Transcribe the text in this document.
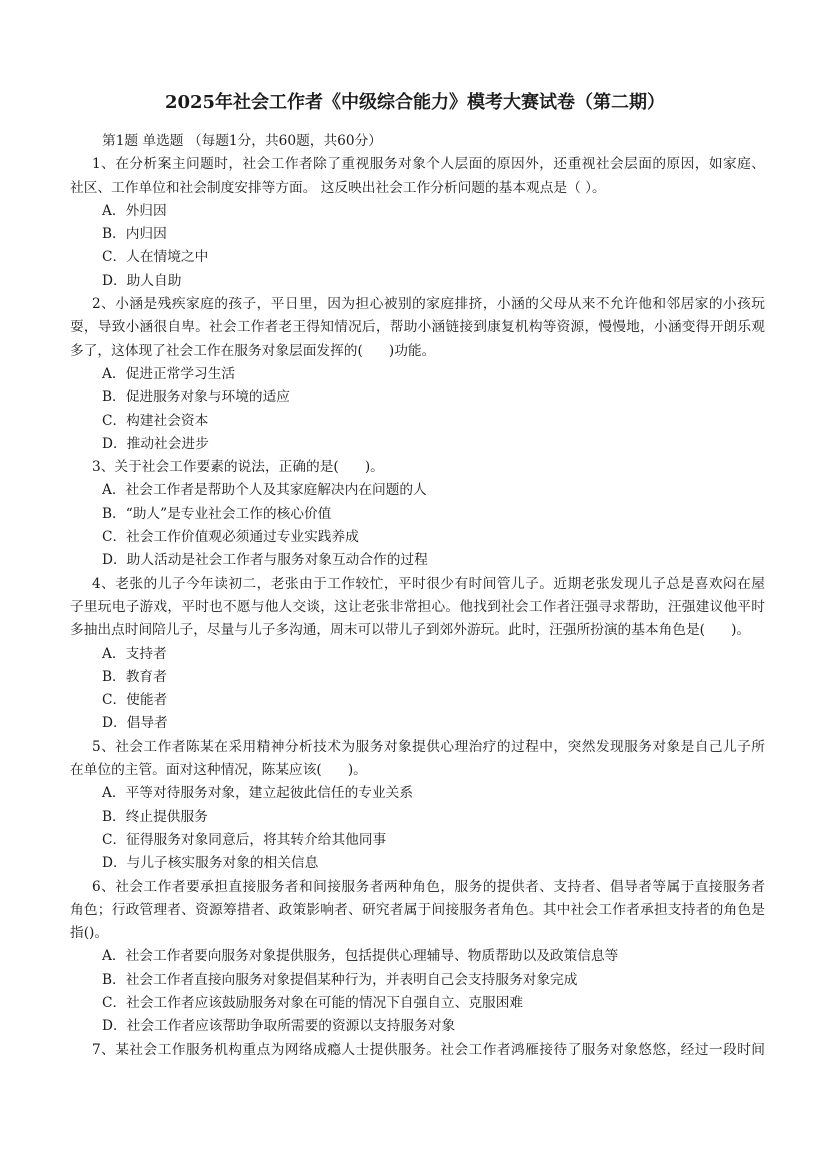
2025年社会工作者《中级综合能力》模考大赛试卷（第二期）
第1题 单选题 （每题1分，共60题，共60分）
1、在分析案主问题时，社会工作者除了重视服务对象个人层面的原因外，还重视社会层面的原因，如家庭、
社区、工作单位和社会制度安排等方面。 这反映出社会工作分析问题的基本观点是（ ）。
A．外归因
B．内归因
C．人在情境之中
D．助人自助
2、小涵是残疾家庭的孩子，平日里，因为担心被别的家庭排挤，小涵的父母从来不允许他和邻居家的小孩玩
耍，导致小涵很自卑。社会工作者老王得知情况后，帮助小涵链接到康复机构等资源，慢慢地，小涵变得开朗乐观
多了，这体现了社会工作在服务对象层面发挥的(      )功能。
A．促进正常学习生活
B．促进服务对象与环境的适应
C．构建社会资本
D．推动社会进步
3、关于社会工作要素的说法，正确的是(      )。
A．社会工作者是帮助个人及其家庭解决内在问题的人
B．“助人”是专业社会工作的核心价值
C．社会工作价值观必须通过专业实践养成
D．助人活动是社会工作者与服务对象互动合作的过程
4、老张的儿子今年读初二，老张由于工作较忙，平时很少有时间管儿子。近期老张发现儿子总是喜欢闷在屋
子里玩电子游戏，平时也不愿与他人交谈，这让老张非常担心。他找到社会工作者汪强寻求帮助，汪强建议他平时
多抽出点时间陪儿子，尽量与儿子多沟通，周末可以带儿子到郊外游玩。此时，汪强所扮演的基本角色是(      )。
A．支持者
B．教育者
C．使能者
D．倡导者
5、社会工作者陈某在采用精神分析技术为服务对象提供心理治疗的过程中，突然发现服务对象是自己儿子所
在单位的主管。面对这种情况，陈某应该(      )。
A．平等对待服务对象，建立起彼此信任的专业关系
B．终止提供服务
C．征得服务对象同意后，将其转介给其他同事
D．与儿子核实服务对象的相关信息
6、社会工作者要承担直接服务者和间接服务者两种角色，服务的提供者、支持者、倡导者等属于直接服务者
角色；行政管理者、资源筹措者、政策影响者、研究者属于间接服务者角色。其中社会工作者承担支持者的角色是
指()。
A．社会工作者要向服务对象提供服务，包括提供心理辅导、物质帮助以及政策信息等
B．社会工作者直接向服务对象提倡某种行为，并表明自己会支持服务对象完成
C．社会工作者应该鼓励服务对象在可能的情况下自强自立、克服困难
D．社会工作者应该帮助争取所需要的资源以支持服务对象
7、某社会工作服务机构重点为网络成瘾人士提供服务。社会工作者鸿雁接待了服务对象悠悠，经过一段时间
